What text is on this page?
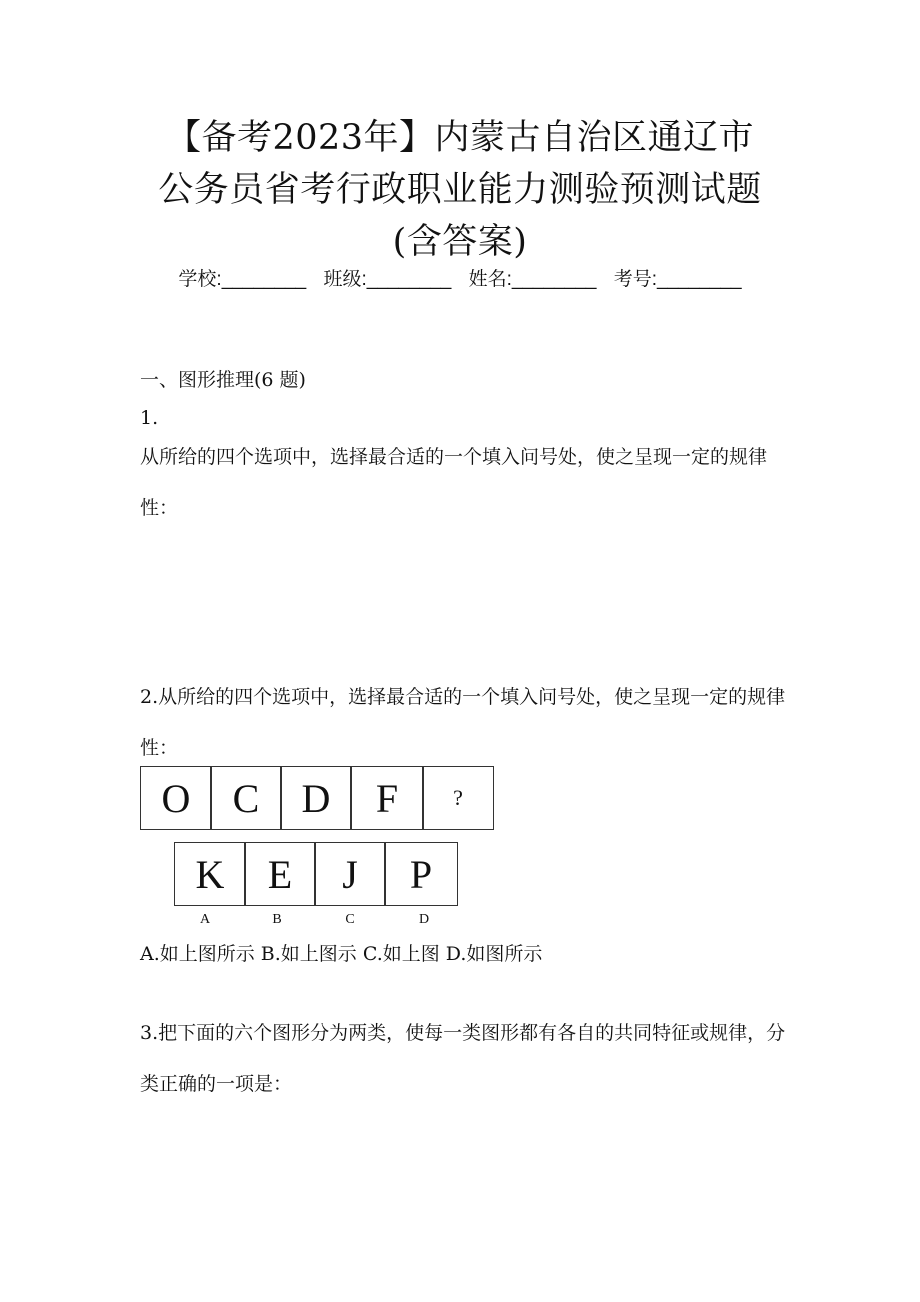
【备考2023年】内蒙古自治区通辽市公务员省考行政职业能力测验预测试题(含答案)
学校:________ 班级:________ 姓名:________ 考号:________
一、图形推理(6 题)
1.
从所给的四个选项中，选择最合适的一个填入问号处，使之呈现一定的规律性：
2.从所给的四个选项中，选择最合适的一个填入问号处，使之呈现一定的规律性：
O	C	D	F	?
K	E	J	P
A	B	C	D
A.如上图所示 B.如上图示 C.如上图 D.如图所示
3.把下面的六个图形分为两类，使每一类图形都有各自的共同特征或规律，分类正确的一项是：
